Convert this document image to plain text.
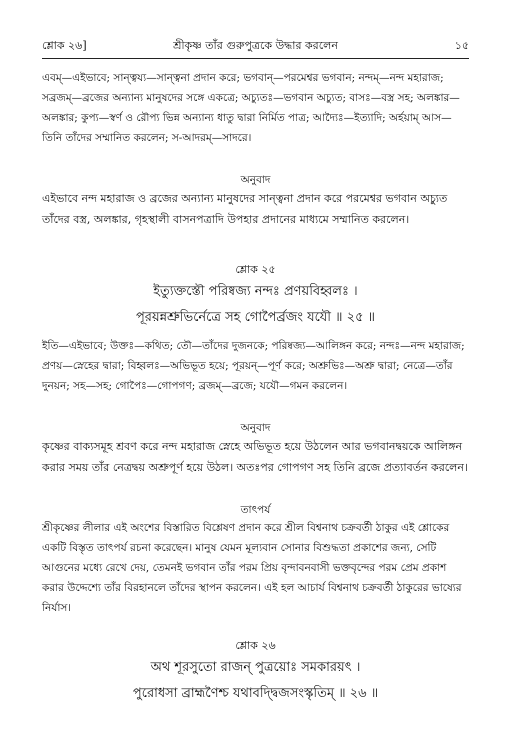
শ্লোক ২৬]	১৫
শ্রীকৃষ্ণ তাঁর গুরুপুত্রকে উদ্ধার করলেন
এবম্—এইভাবে; সান্ত্বয্য—সান্ত্বনা প্রদান করে; ভগবান্—পরমেশ্বর ভগবান; নন্দম্—নন্দ মহারাজ; সব্রজম্—ব্রজের অন্যান্য মানুষদের সঙ্গে একত্রে; অচ্যুতঃ—ভগবান অচ্যুত; বাসঃ—বস্ত্র সহ; অলঙ্কার—অলঙ্কার; কুপ্য—স্বর্ণ ও রৌপ্য ভিন্ন অন্যান্য ধাতু দ্বারা নির্মিত পাত্র; আদ্যৈঃ—ইত্যাদি; অর্হয়াম্ আস—তিনি তাঁদের সম্মানিত করলেন; স-আদরম্—সাদরে।
অনুবাদ
এইভাবে নন্দ মহারাজ ও ব্রজের অন্যান্য মানুষদের সান্ত্বনা প্রদান করে পরমেশ্বর ভগবান অচ্যুত তাঁদের বস্ত্র, অলঙ্কার, গৃহস্থালী বাসনপত্রাদি উপহার প্রদানের মাধ্যমে সম্মানিত করলেন।
শ্লোক ২৫
ইত্যুক্তস্তৌ পরিষ্বজ্য নন্দঃ প্রণয়বিহ্বলঃ ।
পূরয়ন্নশ্রুভির্নেত্রে সহ গোপৈর্ব্রজং যযৌ ॥ ২৫ ॥
ইতি—এইভাবে; উক্তঃ—কথিত; তৌ—তাঁদের দুজনকে; পরিষ্বজ্য—আলিঙ্গন করে; নন্দঃ—নন্দ মহারাজ; প্রণয়—স্নেহের দ্বারা; বিহ্বলঃ—অভিভূত হয়ে; পূরয়ন্—পূর্ণ করে; অশ্রুভিঃ—অশ্রু দ্বারা; নেত্রে—তাঁর দুনয়ন; সহ—সহ; গোপৈঃ—গোপগণ; ব্রজম্—ব্রজে; যযৌ—গমন করলেন।
অনুবাদ
কৃষ্ণের বাক্যসমূহ শ্রবণ করে নন্দ মহারাজ স্নেহে অভিভূত হয়ে উঠলেন আর ভগবানদ্বয়কে আলিঙ্গন করার সময় তাঁর নেত্রদ্বয় অশ্রুপূর্ণ হয়ে উঠল। অতঃপর গোপগণ সহ তিনি ব্রজে প্রত্যাবর্তন করলেন।
তাৎপর্য
শ্রীকৃষ্ণের লীলার এই অংশের বিস্তারিত বিশ্লেষণ প্রদান করে শ্রীল বিশ্বনাথ চক্রবর্তী ঠাকুর এই শ্লোকের একটি বিস্তৃত তাৎপর্য রচনা করেছেন। মানুষ যেমন মূল্যবান সোনার বিশুদ্ধতা প্রকাশের জন্য, সেটি আগুনের মধ্যে রেখে দেয়, তেমনই ভগবান তাঁর পরম প্রিয় বৃন্দাবনবাসী ভক্তবৃন্দের পরম প্রেম প্রকাশ করার উদ্দেশ্যে তাঁর বিরহানলে তাঁদের স্থাপন করলেন। এই হল আচার্য বিশ্বনাথ চক্রবর্তী ঠাকুরের ভাষ্যের নির্যাস।
শ্লোক ২৬
অথ শূরসুতো রাজন্ পুত্রয়োঃ সমকারয়ৎ ।
পুরোধসা ব্রাহ্মণৈশ্চ যথাবদ্দ্বিজসংস্কৃতিম্ ॥ ২৬ ॥
